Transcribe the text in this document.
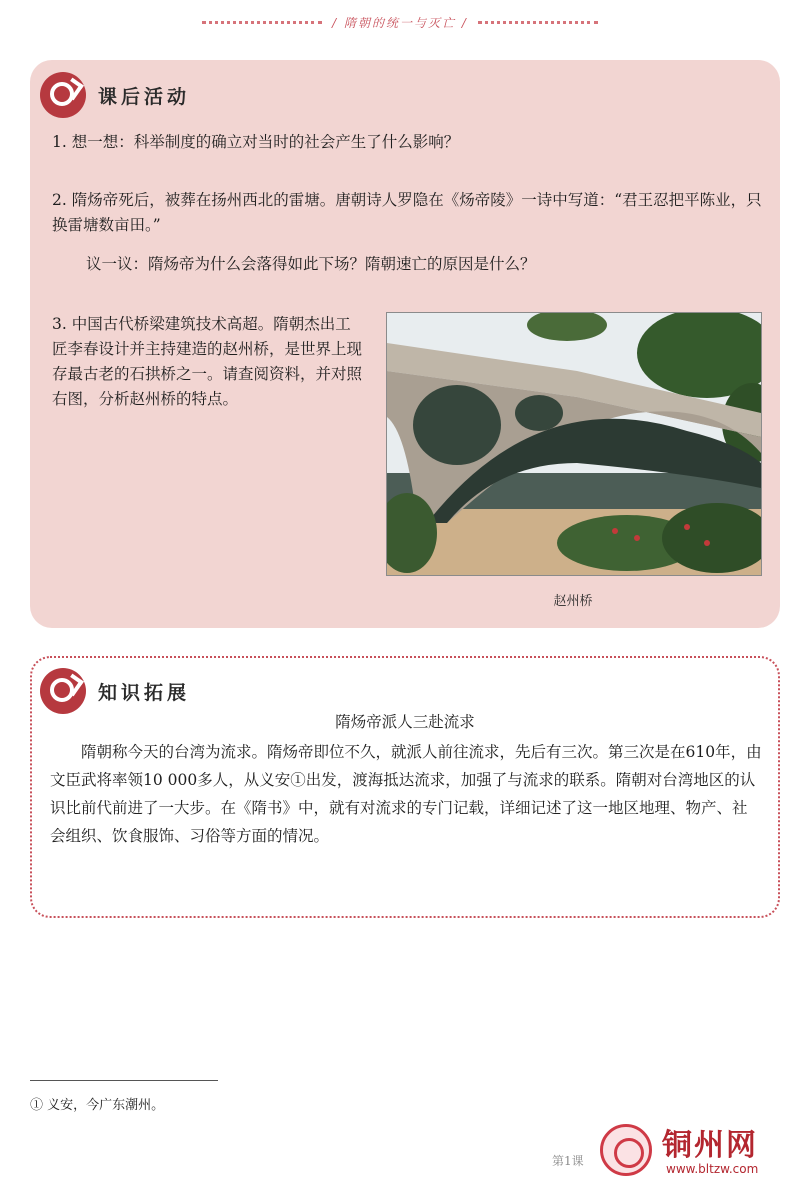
/ 隋朝的统一与灭亡 /
课后活动

1. 想一想：科举制度的确立对当时的社会产生了什么影响？

2. 隋炀帝死后，被葬在扬州西北的雷塘。唐朝诗人罗隐在《炀帝陵》一诗中写道：“君王忍把平陈业，只换雷塘数亩田。”

议一议：隋炀帝为什么会落得如此下场？隋朝速亡的原因是什么？

3. 中国古代桥梁建筑技术高超。隋朝杰出工匠李春设计并主持建造的赵州桥，是世界上现存最古老的石拱桥之一。请查阅资料，并对照右图，分析赵州桥的特点。

赵州桥
知识拓展
隋炀帝派人三赴流求

隋朝称今天的台湾为流求。隋炀帝即位不久，就派人前往流求，先后有三次。第三次是在610年，由文臣武将率领10 000多人，从义安①出发，渡海抵达流求，加强了与流求的联系。隋朝对台湾地区的认识比前代前进了一大步。在《隋书》中，就有对流求的专门记载，详细记述了这一地区地理、物产、社会组织、饮食服饰、习俗等方面的情况。

① 义安，今广东潮州。
第1课	铜州网
www.bltzw.com
